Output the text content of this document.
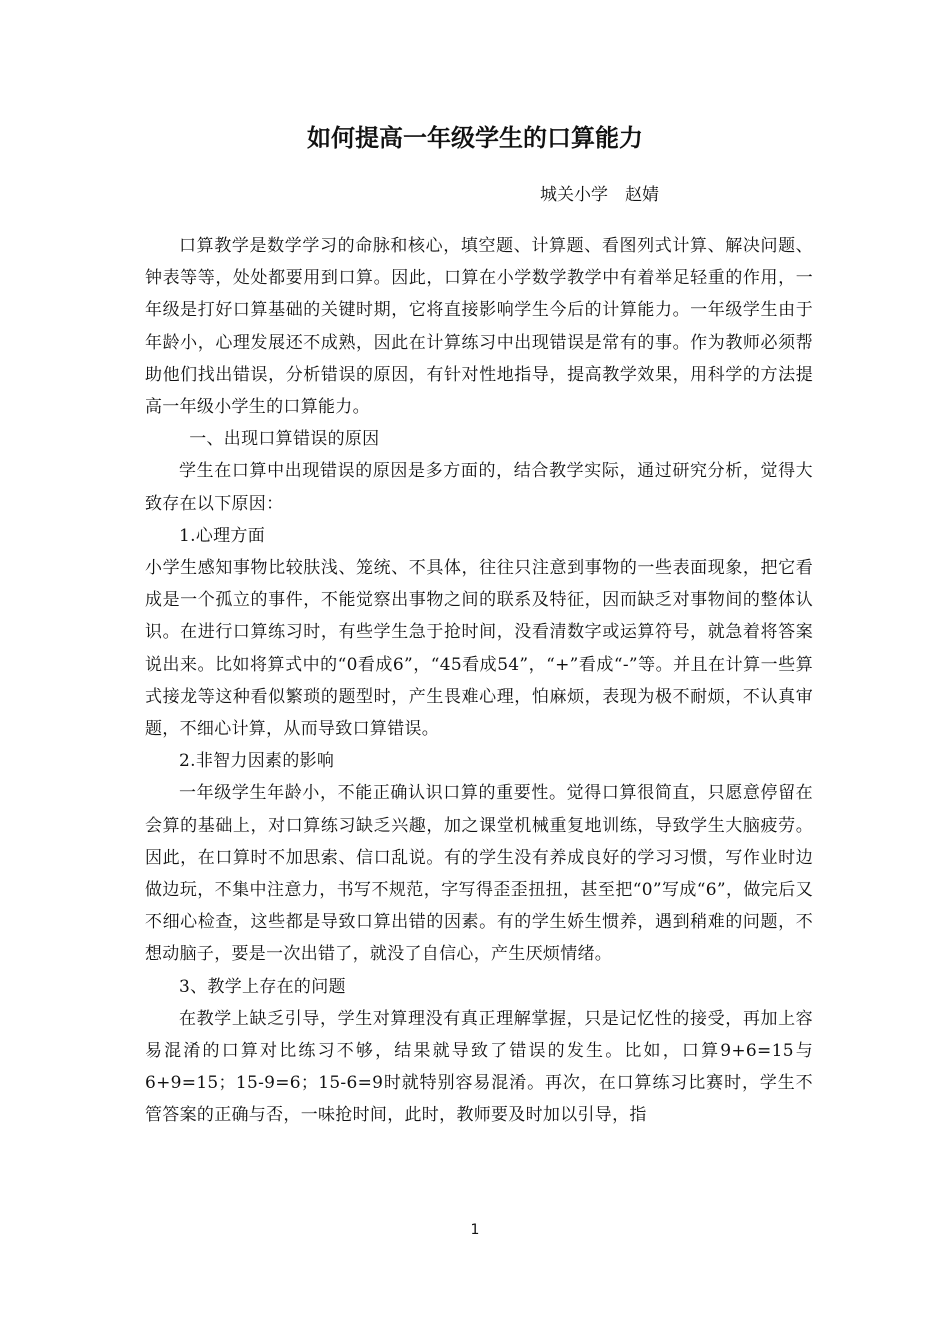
如何提高一年级学生的口算能力
城关小学　赵婧

口算教学是数学学习的命脉和核心，填空题、计算题、看图列式计算、解决问题、钟表等等，处处都要用到口算。因此，口算在小学数学教学中有着举足轻重的作用，一年级是打好口算基础的关键时期，它将直接影响学生今后的计算能力。一年级学生由于年龄小，心理发展还不成熟，因此在计算练习中出现错误是常有的事。作为教师必须帮助他们找出错误，分析错误的原因，有针对性地指导，提高教学效果，用科学的方法提高一年级小学生的口算能力。

一、出现口算错误的原因

学生在口算中出现错误的原因是多方面的，结合教学实际，通过研究分析，觉得大致存在以下原因：

1.心理方面

小学生感知事物比较肤浅、笼统、不具体，往往只注意到事物的一些表面现象，把它看成是一个孤立的事件，不能觉察出事物之间的联系及特征，因而缺乏对事物间的整体认识。在进行口算练习时，有些学生急于抢时间，没看清数字或运算符号，就急着将答案说出来。比如将算式中的“0看成6”，“45看成54”，“+”看成“-”等。并且在计算一些算式接龙等这种看似繁琐的题型时，产生畏难心理，怕麻烦，表现为极不耐烦，不认真审题，不细心计算，从而导致口算错误。

2.非智力因素的影响

一年级学生年龄小，不能正确认识口算的重要性。觉得口算很简直，只愿意停留在会算的基础上，对口算练习缺乏兴趣，加之课堂机械重复地训练，导致学生大脑疲劳。因此，在口算时不加思索、信口乱说。有的学生没有养成良好的学习习惯，写作业时边做边玩，不集中注意力，书写不规范，字写得歪歪扭扭，甚至把“0”写成“6”，做完后又不细心检查，这些都是导致口算出错的因素。有的学生娇生惯养，遇到稍难的问题，不想动脑子，要是一次出错了，就没了自信心，产生厌烦情绪。

3、教学上存在的问题

在教学上缺乏引导，学生对算理没有真正理解掌握，只是记忆性的接受，再加上容易混淆的口算对比练习不够，结果就导致了错误的发生。比如，口算9+6=15与6+9=15；15-9=6；15-6=9时就特别容易混淆。再次，在口算练习比赛时，学生不管答案的正确与否，一味抢时间，此时，教师要及时加以引导，指

1
